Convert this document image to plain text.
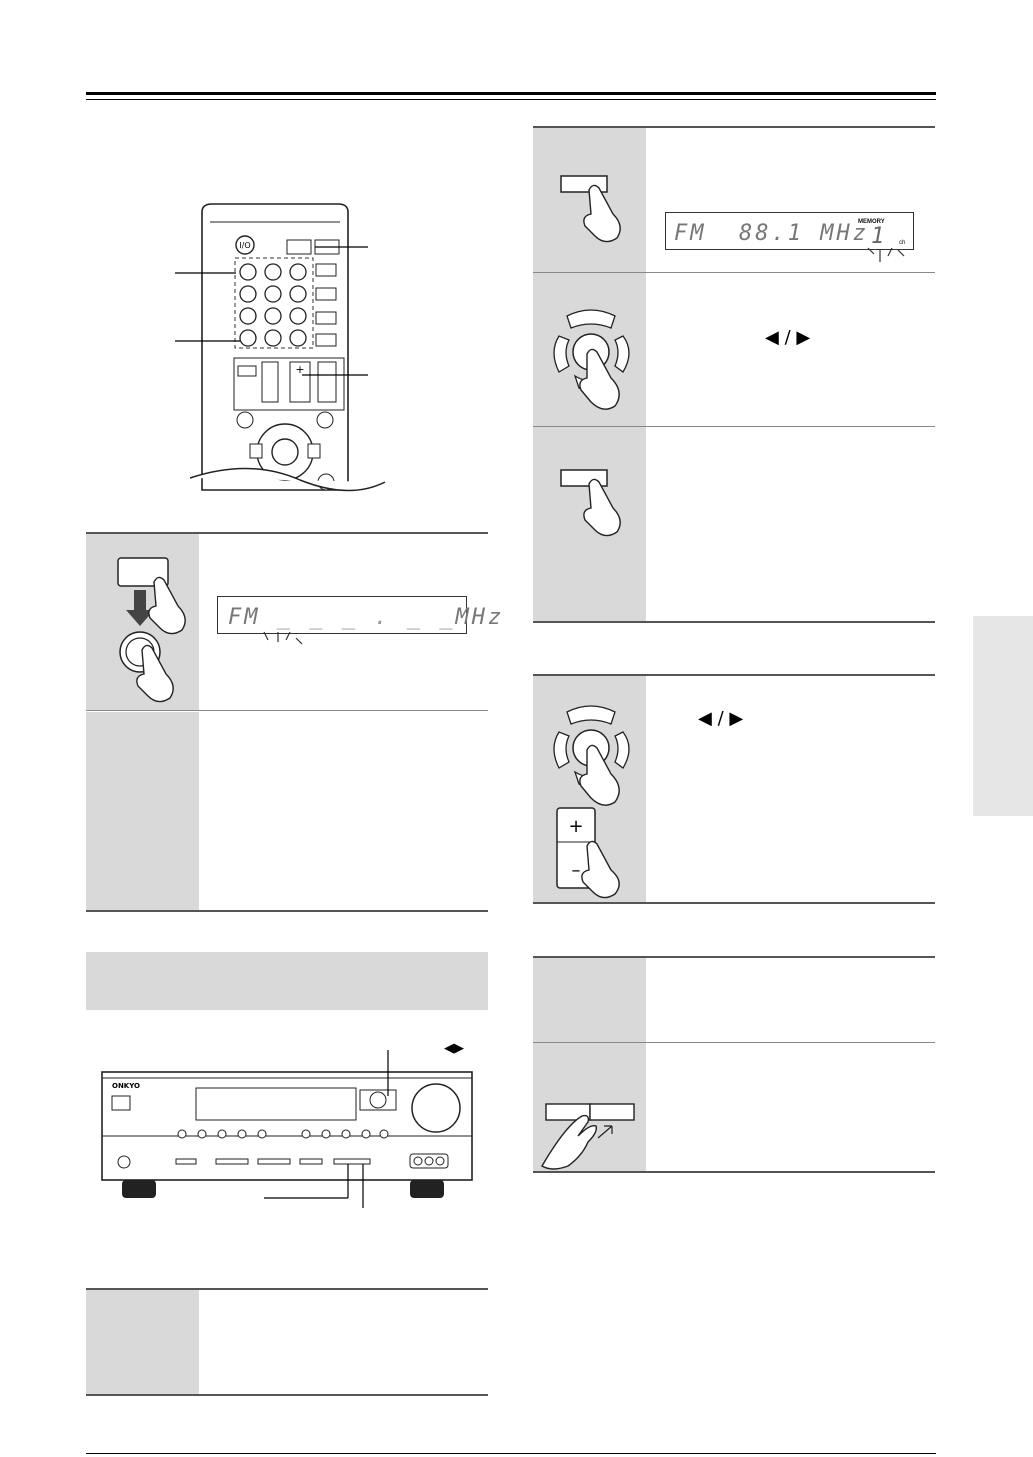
I/O
+
FM _ _ _ . _ _MHz
◀▶
ONKYO
FM  88.1 MHz
MEMORY
1 ch
◀ / ▶
+
–
◀ / ▶
